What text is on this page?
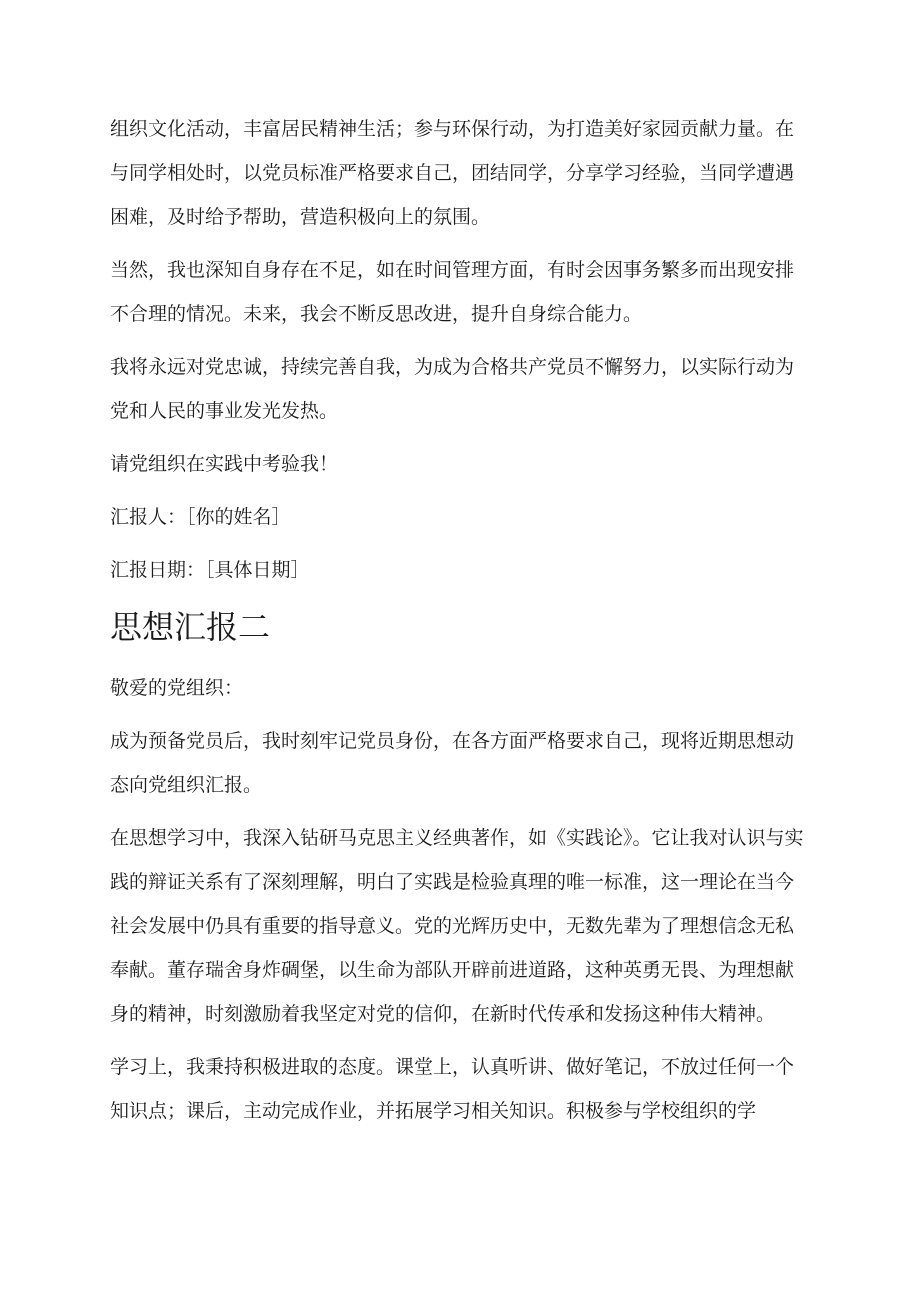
组织文化活动，丰富居民精神生活；参与环保行动，为打造美好家园贡献力量。在与同学相处时，以党员标准严格要求自己，团结同学，分享学习经验，当同学遭遇困难，及时给予帮助，营造积极向上的氛围。

当然，我也深知自身存在不足，如在时间管理方面，有时会因事务繁多而出现安排不合理的情况。未来，我会不断反思改进，提升自身综合能力。

我将永远对党忠诚，持续完善自我，为成为合格共产党员不懈努力，以实际行动为党和人民的事业发光发热。

请党组织在实践中考验我！

汇报人：［你的姓名］

汇报日期：［具体日期］

思想汇报二

敬爱的党组织：

成为预备党员后，我时刻牢记党员身份，在各方面严格要求自己，现将近期思想动态向党组织汇报。

在思想学习中，我深入钻研马克思主义经典著作，如《实践论》。它让我对认识与实践的辩证关系有了深刻理解，明白了实践是检验真理的唯一标准，这一理论在当今社会发展中仍具有重要的指导意义。党的光辉历史中，无数先辈为了理想信念无私奉献。董存瑞舍身炸碉堡，以生命为部队开辟前进道路，这种英勇无畏、为理想献身的精神，时刻激励着我坚定对党的信仰，在新时代传承和发扬这种伟大精神。

学习上，我秉持积极进取的态度。课堂上，认真听讲、做好笔记，不放过任何一个知识点；课后，主动完成作业，并拓展学习相关知识。积极参与学校组织的学
